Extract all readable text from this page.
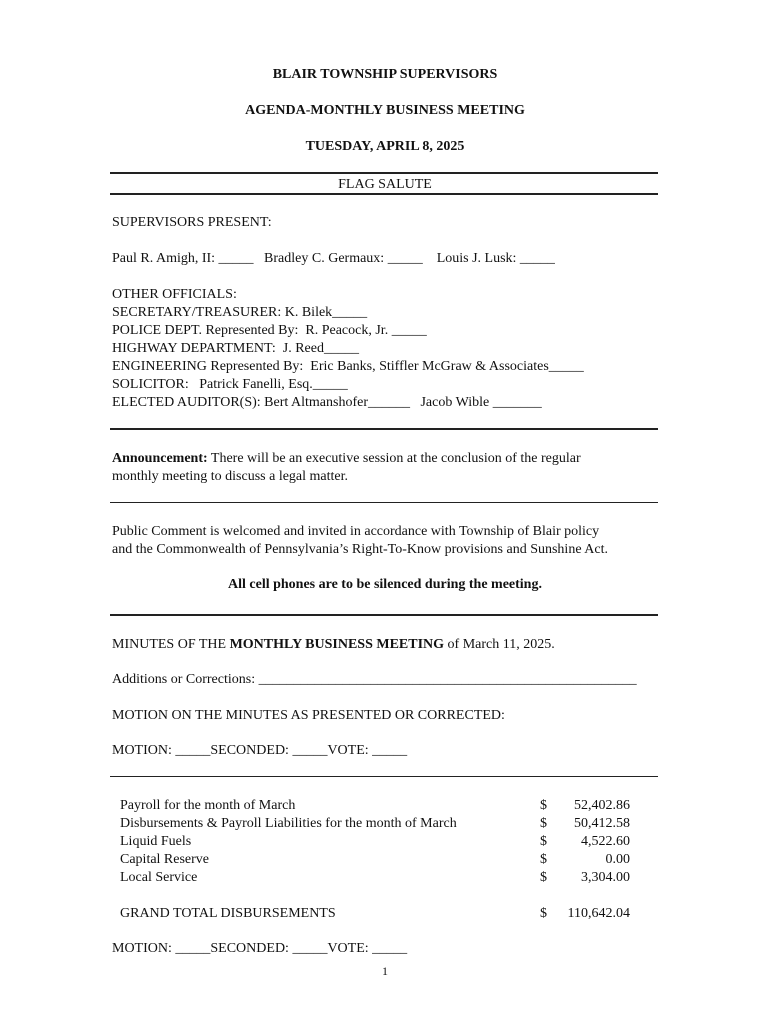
BLAIR TOWNSHIP SUPERVISORS
AGENDA-MONTHLY BUSINESS MEETING
TUESDAY, APRIL 8, 2025
FLAG SALUTE
SUPERVISORS PRESENT:
Paul R. Amigh, II: _____   Bradley C. Germaux: _____    Louis J. Lusk: _____
OTHER OFFICIALS:
SECRETARY/TREASURER: K. Bilek_____
POLICE DEPT. Represented By:  R. Peacock, Jr. _____
HIGHWAY DEPARTMENT:  J. Reed_____
ENGINEERING Represented By:  Eric Banks, Stiffler McGraw & Associates_____
SOLICITOR:   Patrick Fanelli, Esq._____
ELECTED AUDITOR(S): Bert Altmanshofer______   Jacob Wible _______
Announcement: There will be an executive session at the conclusion of the regular
monthly meeting to discuss a legal matter.
Public Comment is welcomed and invited in accordance with Township of Blair policy
and the Commonwealth of Pennsylvania’s Right-To-Know provisions and Sunshine Act.
All cell phones are to be silenced during the meeting.
MINUTES OF THE MONTHLY BUSINESS MEETING of March 11, 2025.
Additions or Corrections: ______________________________________________________
MOTION ON THE MINUTES AS PRESENTED OR CORRECTED:
MOTION: _____SECONDED: _____VOTE: _____
Payroll for the month of March	$ 52,402.86
Disbursements & Payroll Liabilities for the month of March	$ 50,412.58
Liquid Fuels	$ 4,522.60
Capital Reserve	$	0.00
Local Service	$ 3,304.00
GRAND TOTAL DISBURSEMENTS	$ 110,642.04
MOTION: _____SECONDED: _____VOTE: _____
1
